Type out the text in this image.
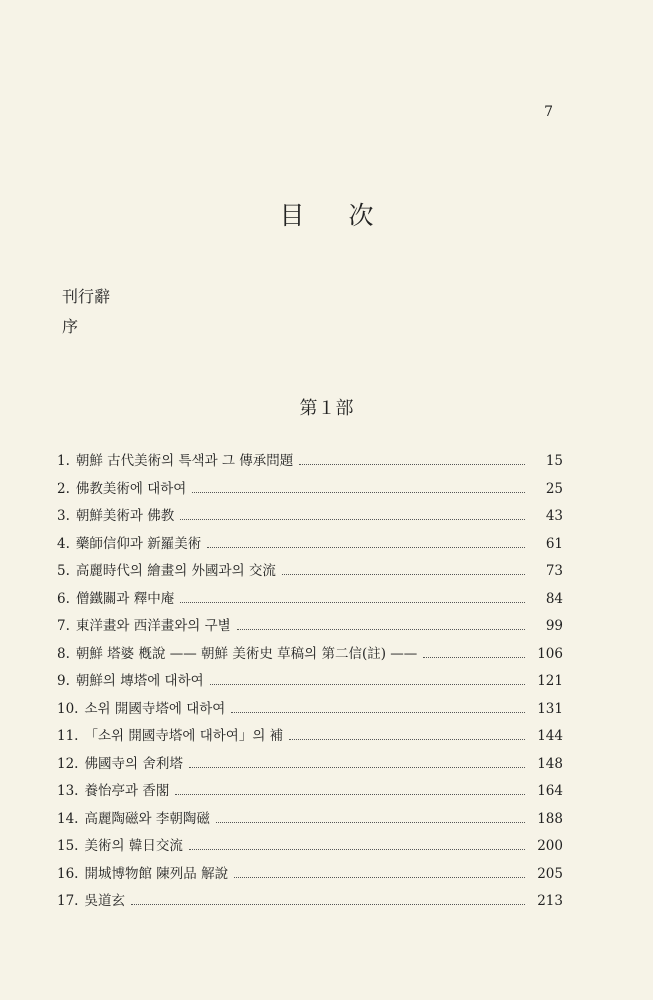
7
目 次
刊行辭
序
第１部
1. 朝鮮 古代美術의 특색과 그 傳承問題	15
2. 佛教美術에 대하여	25
3. 朝鮮美術과 佛教	43
4. 藥師信仰과 新羅美術	61
5. 高麗時代의 繪畫의 外國과의 交流	73
6. 僧鐵關과 釋中庵	84
7. 東洋畫와 西洋畫와의 구별	99
8. 朝鮮 塔婆 槪說 —— 朝鮮 美術史 草稿의 第二信(註) ——	106
9. 朝鮮의 塼塔에 대하여	121
10. 소위 開國寺塔에 대하여	131
11. 「소위 開國寺塔에 대하여」의 補	144
12. 佛國寺의 舍利塔	148
13. 養怡亭과 香閣	164
14. 高麗陶磁와 李朝陶磁	188
15. 美術의 韓日交流	200
16. 開城博物館 陳列品 解說	205
17. 吳道玄	213
